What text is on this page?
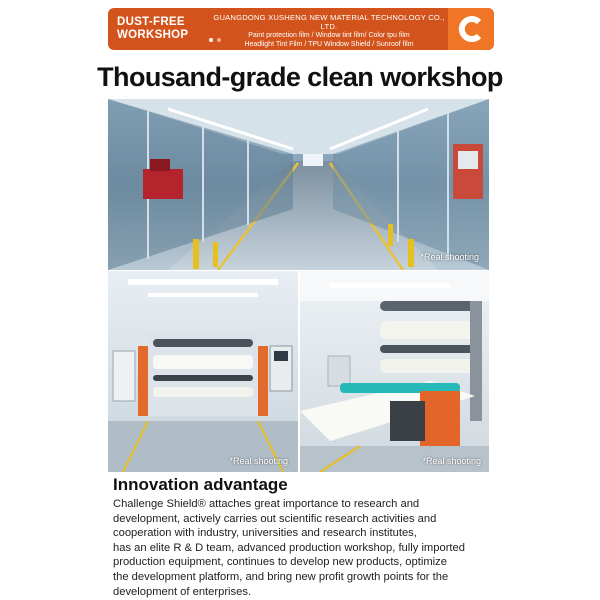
DUST-FREE
WORKSHOP
GUANGDONG XUSHENG NEW MATERIAL TECHNOLOGY CO., LTD.
Paint protection film / Window tint film/ Color tpu film
Headlight Tint Film / TPU Window Shield / Sunroof film
Thousand-grade clean workshop
*Real shooting
*Real shooting	*Real shooting
Innovation advantage
Challenge Shield® attaches great importance to research and
development, actively carries out scientific research activities and
cooperation with industry, universities and research institutes,
has an elite R & D team, advanced production workshop, fully imported
production equipment, continues to develop new products, optimize
the development platform, and bring new profit growth points for the
development of enterprises.
